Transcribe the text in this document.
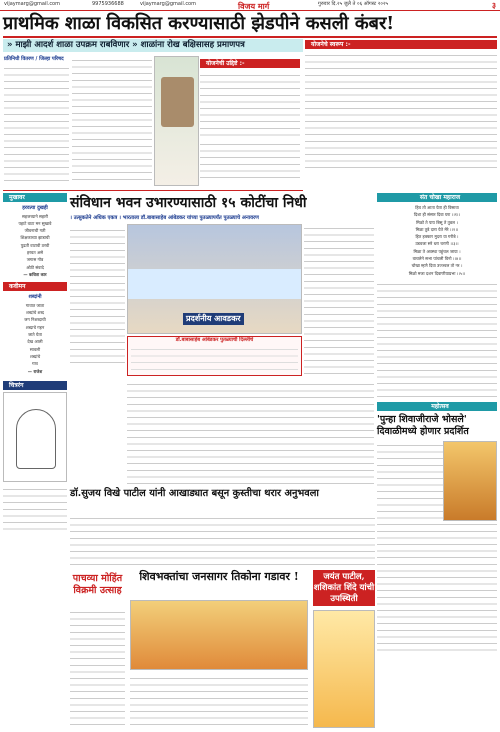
vijaymarg@gmail.com	9975936688	vijaymarg@gmail.com	विजय मार्ग	गुरुवार दि.२५ जुलै ते ०६ ऑगस्ट २०२५	३
प्राथमिक शाळा विकसित करण्यासाठी झेडपीने कसली कंबर!
» माझी आदर्श शाळा उपक्रम राबविणार » शाळांना रोख बक्षिसासह प्रमाणपत्र
प्रतिनिधी वितरण / जिल्हा परिषद
योजनेची उद्दिष्टे :-
योजनेचे स्वरूप :-
मुखावर
हरवत्या दुखही
सहजच्याने सहारी
पहाटे वाटा मन सुखावे
जीवनाची गती
शिक्षकाच्या झाडाची
पुढती वाटावी ठरवी
हरवत असे
जगास गोड
ओठी संवादे
— कविता कार
कवीमन
शब्दांनी
गावात जाता
शब्दांचे शब्द
जग निशब्दाची
शब्दाचे गहन
जाते घेता
देख आली
सावली
शब्दांचे
गाव
— राजेश
चित्ररंग
संविधान भवन उभारण्यासाठी १५ कोटींचा निधी
। उत्सुकतेने अधिक एकत्र । भारताला डॉ.बाबासाहेब आंबेडकर यांच्या पुतळ्यापर्यंत पुतळ्याचे अनावरण
प्रदर्शनीय आवडकर
डॉ.बाबासाहेब आंबेडकर पुतळ्याची दिल्लीचे
संत चोखा महाराज
हिव तो आता येता ही विसावा
दिशा ही संसार दिवा घरा ।।१।।
मिळो ते पाय बिसू ते तुडल ।
मिळा तुडे दारा येते मेरे ।।२।।
हित हक्कार मुदरा या गरीबे ।
उडवजा सरे धरा चरणी ।।३।।
मिळा ते अवस्था पहुंचल जाया ।
वाचलेने सभा पांचली विनो ।।४।।
चोखा म्हणे दिवा उज्ज्वल तो नर ।
मिळो मजा दशन दिवाणीयाप्रभा ।।५।।
डॉ.सुजय विखे पाटील यांनी आखाड्यात बसून कुस्तीचा थरार अनुभवला
महोत्सव
'पुन्हा शिवाजीराजे भोसले' दिवाळीमध्ये होणार प्रदर्शित
पाचव्या मोहिंत विक्रमी उत्साह
शिवभक्तांचा जनसागर तिकोना गडावर !	जयंत पाटील, शशिकांत शिंदे यांची उपस्थिती
